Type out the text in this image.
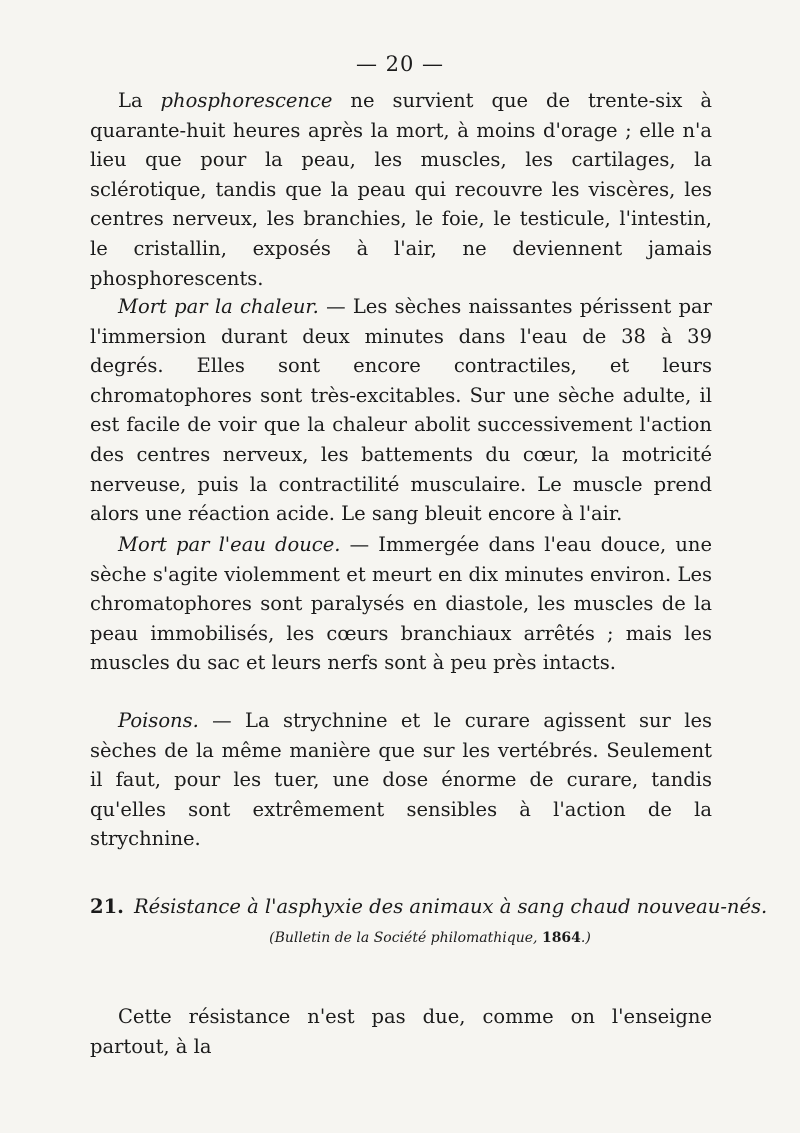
— 20 —

La phosphorescence ne survient que de trente-six à quarante-huit heures après la mort, à moins d'orage ; elle n'a lieu que pour la peau, les muscles, les cartilages, la sclérotique, tandis que la peau qui recouvre les viscères, les centres nerveux, les branchies, le foie, le testicule, l'intestin, le cristallin, exposés à l'air, ne deviennent jamais phosphorescents.

Mort par la chaleur. — Les sèches naissantes périssent par l'immersion durant deux minutes dans l'eau de 38 à 39 degrés. Elles sont encore contractiles, et leurs chromatophores sont très-excitables. Sur une sèche adulte, il est facile de voir que la chaleur abolit successivement l'action des centres nerveux, les battements du cœur, la motricité nerveuse, puis la contractilité musculaire. Le muscle prend alors une réaction acide. Le sang bleuit encore à l'air.

Mort par l'eau douce. — Immergée dans l'eau douce, une sèche s'agite violemment et meurt en dix minutes environ. Les chromatophores sont paralysés en diastole, les muscles de la peau immobilisés, les cœurs branchiaux arrêtés ; mais les muscles du sac et leurs nerfs sont à peu près intacts.

Poisons. — La strychnine et le curare agissent sur les sèches de la même manière que sur les vertébrés. Seulement il faut, pour les tuer, une dose énorme de curare, tandis qu'elles sont extrêmement sensibles à l'action de la strychnine.

21. Résistance à l'asphyxie des animaux à sang chaud nouveau-nés.
(Bulletin de la Société philomathique, 1864.)

Cette résistance n'est pas due, comme on l'enseigne partout, à la
